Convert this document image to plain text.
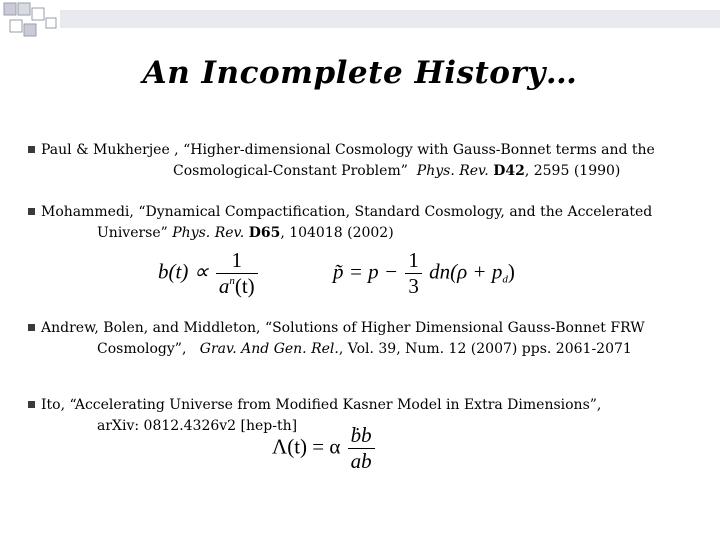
An Incomplete History…
Paul & Mukherjee , “Higher-dimensional Cosmology with Gauss-Bonnet terms and the
Cosmological-Constant Problem” Phys. Rev. D42, 2595 (1990)
Mohammedi, “Dynamical Compactification, Standard Cosmology, and the Accelerated
Universe” Phys. Rev. D65, 104018 (2002)
$b(t) \propto \frac{1}{a^n(t)}$	p̃ = $p - \frac{1}{3} dn(\rho + p_d)$
Andrew, Bolen, and Middleton, “Solutions of Higher Dimensional Gauss-Bonnet FRW
Cosmology”,   Grav. And Gen. Rel., Vol. 39, Num. 12 (2007) pps. 2061-2071
Ito, “Accelerating Universe from Modified Kasner Model in Extra Dimensions”,
arXiv: 0812.4326v2 [hep-th]
Λ(t) = α $\frac{\text{ḃb}}{ab}$
